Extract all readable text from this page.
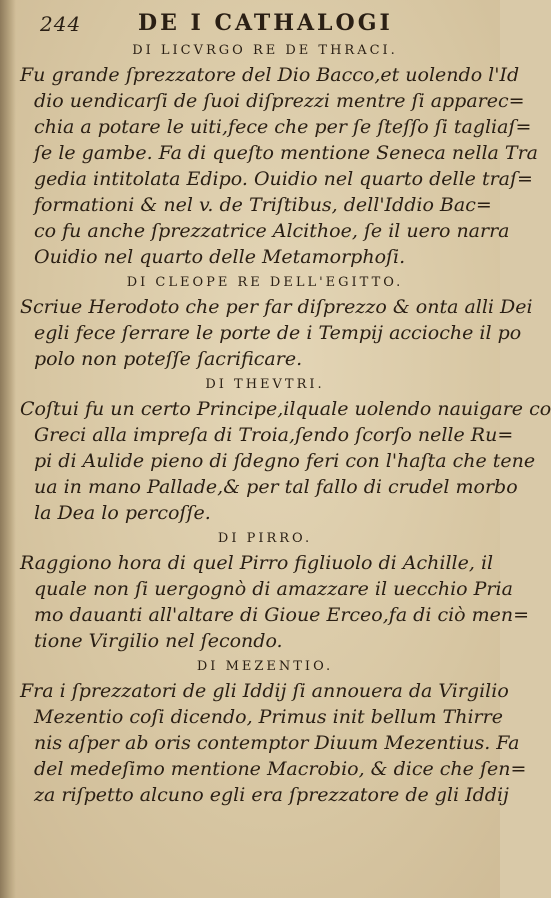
244	DE I CATHALOGI
DI LICVRGO RE DE THRACI.
Fu grande ſprezzatore del Dio Bacco,et uolendo l'Id
dio uendicarſi de ſuoi diſprezzi mentre ſi apparec=
chia a potare le uiti,fece che per ſe ſteſſo ſi tagliaſ=
ſe le gambe. Fa di queſto mentione Seneca nella Tra
gedia intitolata Edipo. Ouidio nel quarto delle traſ=
formationi & nel v. de Triſtibus, dell'Iddio Bac=
co fu anche ſprezzatrice Alcithoe, ſe il uero narra
Ouidio nel quarto delle Metamorphoſi.
DI CLEOPE RE DELL'EGITTO.
Scriue Herodoto che per far diſprezzo & onta alli Dei
egli fece ſerrare le porte de i Tempij accioche il po
polo non poteſſe ſacrificare.
DI THEVTRI.
Coſtui fu un certo Principe,ilquale uolendo nauigare co
Greci alla impreſa di Troia,ſendo ſcorſo nelle Ru=
pi di Aulide pieno di ſdegno feri con l'haſta che tene
ua in mano Pallade,& per tal fallo di crudel morbo
la Dea lo percoſſe.
DI PIRRO.
Raggiono hora di quel Pirro figliuolo di Achille, il
quale non ſi uergognò di amazzare il uecchio Pria
mo dauanti all'altare di Gioue Erceo,fa di ciò men=
tione Virgilio nel ſecondo.
DI MEZENTIO.
Fra i ſprezzatori de gli Iddij ſi annouera da Virgilio
Mezentio coſi dicendo, Primus init bellum Thirre
nis aſper ab oris contemptor Diuum Mezentius. Fa
del medeſimo mentione Macrobio, & dice che ſen=
za riſpetto alcuno egli era ſprezzatore de gli Iddij
